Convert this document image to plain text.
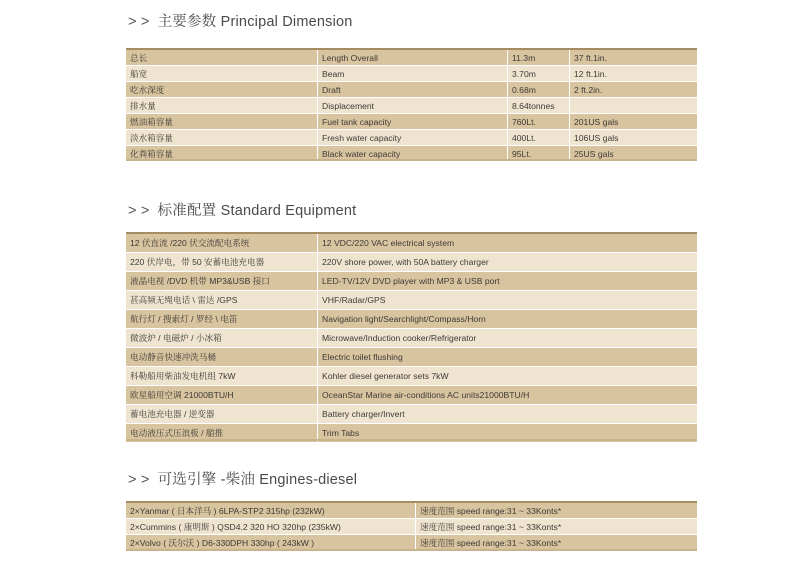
> > 主要参数 Principal Dimension
总长	Length Overall	11.3m	37 ft.1in.
船宽	Beam	3.70m	12 ft.1in.
吃水深度	Draft	0.68m	2 ft.2in.
排水量	Displacement	8.64tonnes	
燃油箱容量	Fuel tank capacity	760Lt.	201US gals
淡水箱容量	Fresh water capacity	400Lt.	106US gals
化粪箱容量	Black water capacity	95Lt.	25US gals
> > 标准配置 Standard Equipment
12 伏直流 /220 伏交流配电系统	12 VDC/220 VAC electrical system
220 伏岸电，带 50 安蓄电池充电器	220V shore power, with 50A battery charger
液晶电视 /DVD 机带 MP3&USB 接口	LED-TV/12V DVD player with MP3 & USB port
甚高频无绳电话 \ 雷达 /GPS	VHF/Radar/GPS
航行灯 / 搜索灯 / 罗经 \ 电笛	Navigation light/Searchlight/Compass/Horn
微波炉 / 电磁炉 / 小冰箱	Microwave/Induction cooker/Refrigerator
电动静音快速冲洗马桶	Electric toilet flushing
科勒船用柴油发电机组 7kW	Kohler diesel generator sets 7kW
欧星船用空调 21000BTU/H	OceanStar Marine air-conditions AC units21000BTU/H
蓄电池充电器 / 逆变器	Battery charger/Invert
电动液压式压浪板 / 艏推	Trim Tabs
> > 可选引擎 -柴油 Engines-diesel
2×Yanmar ( 日本洋马 ) 6LPA-STP2 315hp (232kW)	速度范围 speed range:31 ~ 33Konts*
2×Cummins ( 康明斯 ) QSD4.2 320 HO 320hp (235kW)	速度范围 speed range:31 ~ 33Konts*
2×Volvo ( 沃尔沃 ) D6-330DPH 330hp ( 243kW )	速度范围 speed range:31 ~ 33Konts*
